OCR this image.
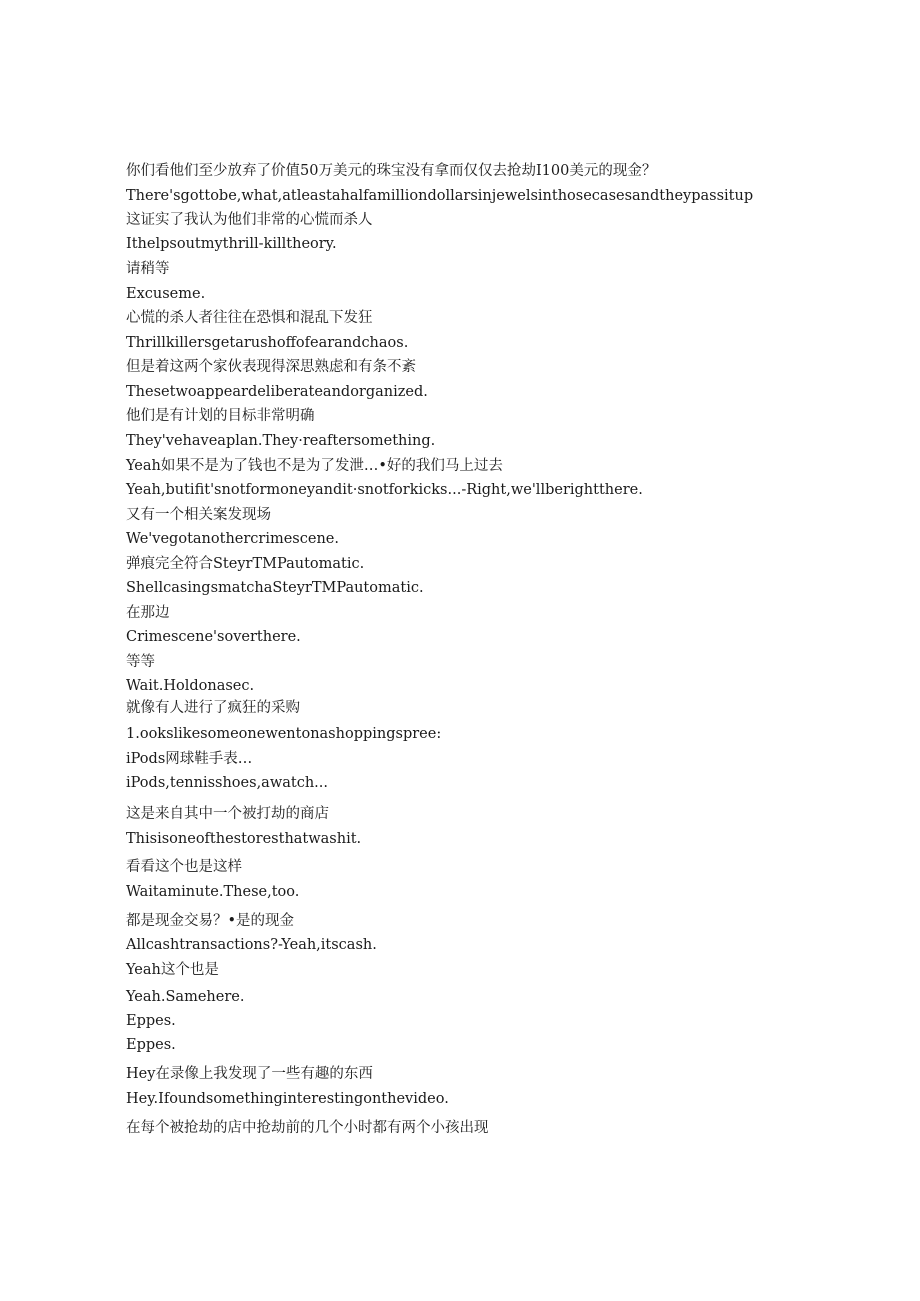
你们看他们至少放弃了价值50万美元的珠宝没有拿而仅仅去抢劫I100美元的现金？
There'sgottobe,what,atleastahalfamilliondollarsinjewelsinthosecasesandtheypassitup
这证实了我认为他们非常的心慌而杀人
Ithelpsoutmythrill-killtheory.
请稍等
Excuseme.
心慌的杀人者往往在恐惧和混乱下发狂
Thrillkillersgetarushoffofearandchaos.
但是着这两个家伙表现得深思熟虑和有条不紊
Thesetwoappeardeliberateandorganized.
他们是有计划的目标非常明确
They'vehaveaplan.They·reaftersomething.
Yeah如果不是为了钱也不是为了发泄…•好的我们马上过去
Yeah,butifit'snotformoneyandit·snotforkicks...-Right,we'llberightthere.
又有一个相关案发现场
We'vegotanothercrimescene.
弹痕完全符合SteyrTMPautomatic.
ShellcasingsmatchaSteyrTMPautomatic.
在那边
Crimescene'soverthere.
等等
Wait.Holdonasec.
就像有人进行了疯狂的采购
1.ookslikesomeonewentonashoppingspree:
iPods网球鞋手表…
iPods,tennisshoes,awatch...
这是来自其中一个被打劫的商店
Thisisoneofthestoresthatwashit.
看看这个也是这样
Waitaminute.These,too.
都是现金交易？•是的现金
Allcashtransactions?-Yeah,itscash.
Yeah这个也是
Yeah.Samehere.
Eppes.
Eppes.
Hey在录像上我发现了一些有趣的东西
Hey.Ifoundsomethinginterestingonthevideo.
在每个被抢劫的店中抢劫前的几个小时都有两个小孩出现
